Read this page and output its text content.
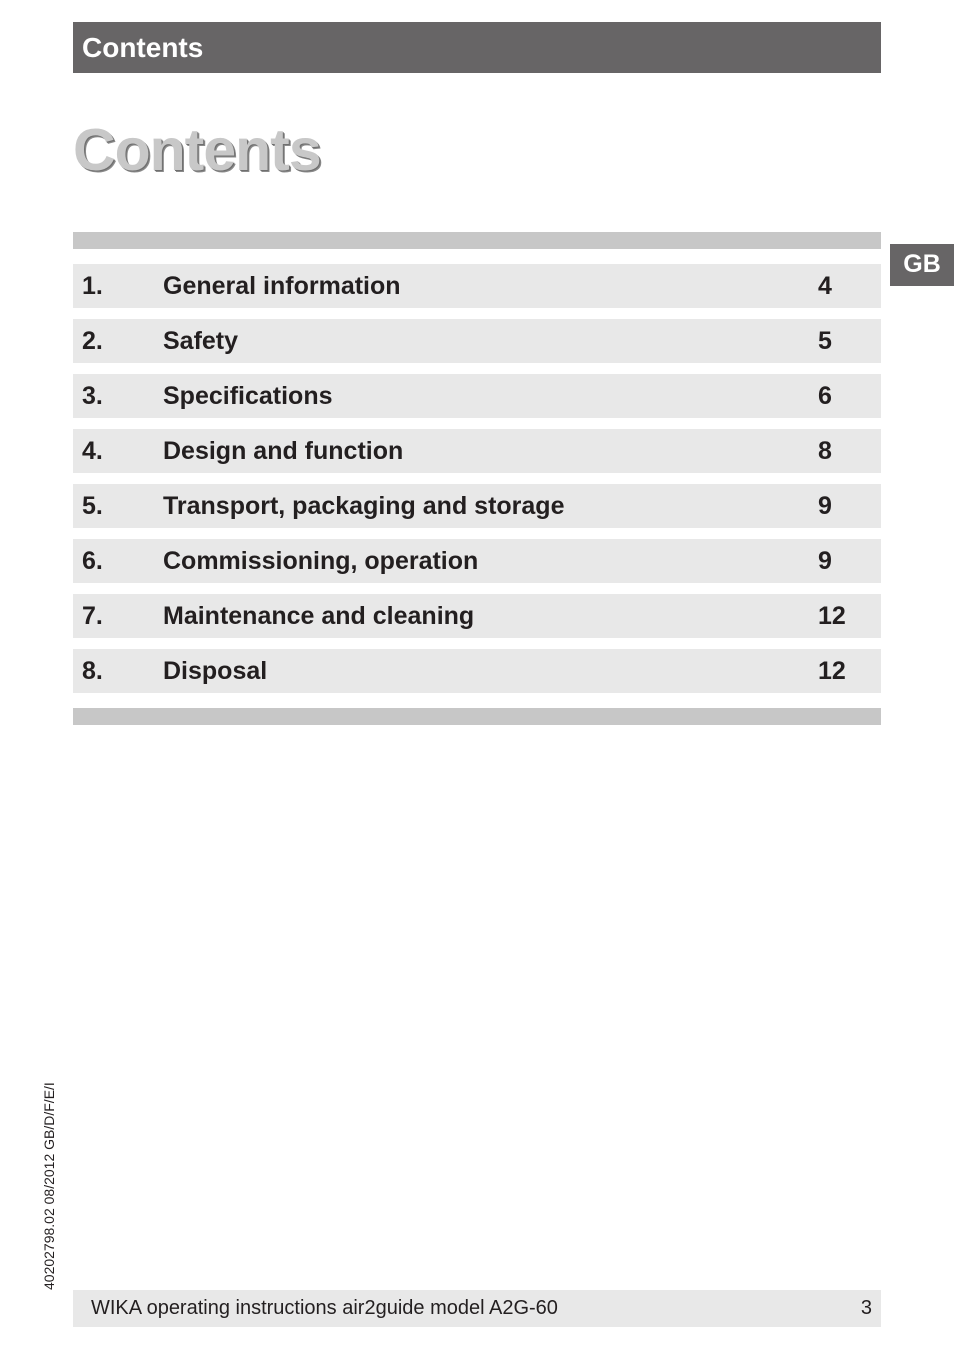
Contents
Contents
GB
1. General information	4
2. Safety	5
3. Specifications	6
4. Design and function	8
5. Transport, packaging and storage	9
6. Commissioning, operation	9
7. Maintenance and cleaning	12
8. Disposal	12
40202798.02 08/2012 GB/D/F/E/I
WIKA operating instructions air2guide model A2G-60	3
